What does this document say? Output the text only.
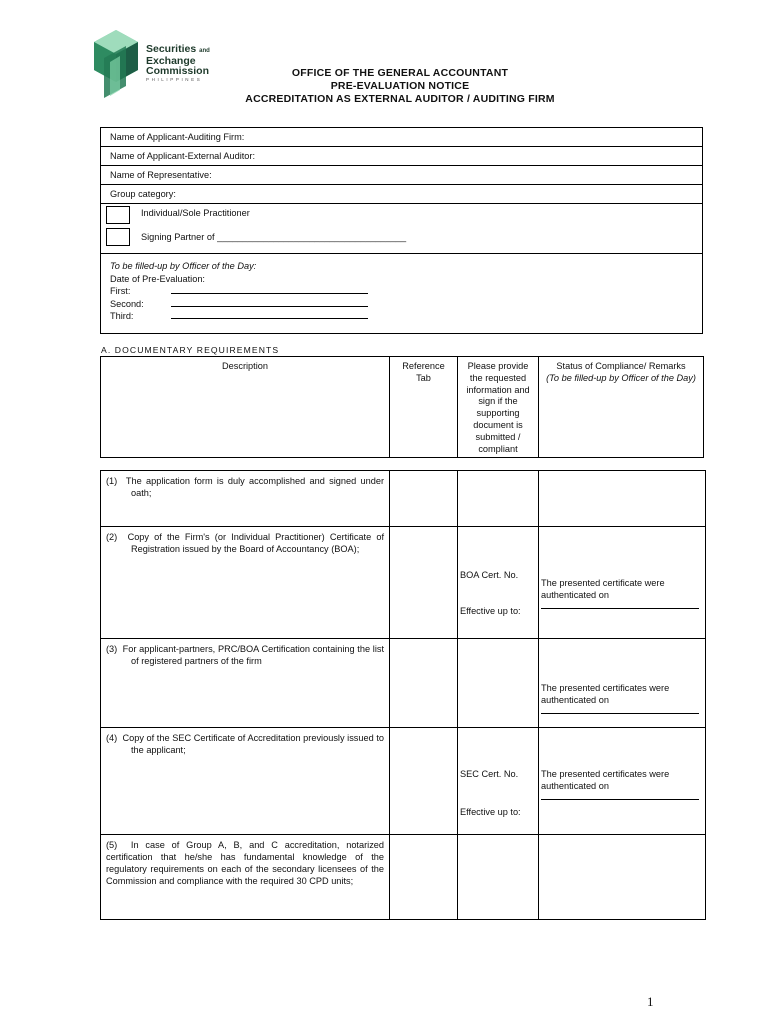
Securities and
Exchange
Commission
PHILIPPINES
OFFICE OF THE GENERAL ACCOUNTANT
PRE-EVALUATION NOTICE
ACCREDITATION AS EXTERNAL AUDITOR / AUDITING FIRM
Name of Applicant-Auditing Firm:
Name of Applicant-External Auditor:
Name of Representative:
Group category:
Individual/Sole Practitioner
Signing Partner of _____________________________________
To be filled-up by Officer of the Day:
Date of Pre-Evaluation:
First:
Second:
Third:
A. DOCUMENTARY REQUIREMENTS
Description	Reference Tab
Please provide the requested information and sign if the supporting document is submitted / compliant
Status of Compliance/ Remarks
(To be filled-up by Officer of the Day)
(1) The application form is duly accomplished and signed under oath;
(2) Copy of the Firm's (or Individual Practitioner) Certificate of Registration issued by the Board of Accountancy (BOA);
BOA Cert. No.
Effective up to:
The presented certificate were authenticated on
(3) For applicant-partners, PRC/BOA Certification containing the list of registered partners of the firm
The presented certificates were authenticated on
(4) Copy of the SEC Certificate of Accreditation previously issued to the applicant;
SEC Cert. No.
Effective up to:
The presented certificates were authenticated on
(5) In case of Group A, B, and C accreditation, notarized certification that he/she has fundamental knowledge of the regulatory requirements on each of the secondary licensees of the Commission and compliance with the required 30 CPD units;
1
